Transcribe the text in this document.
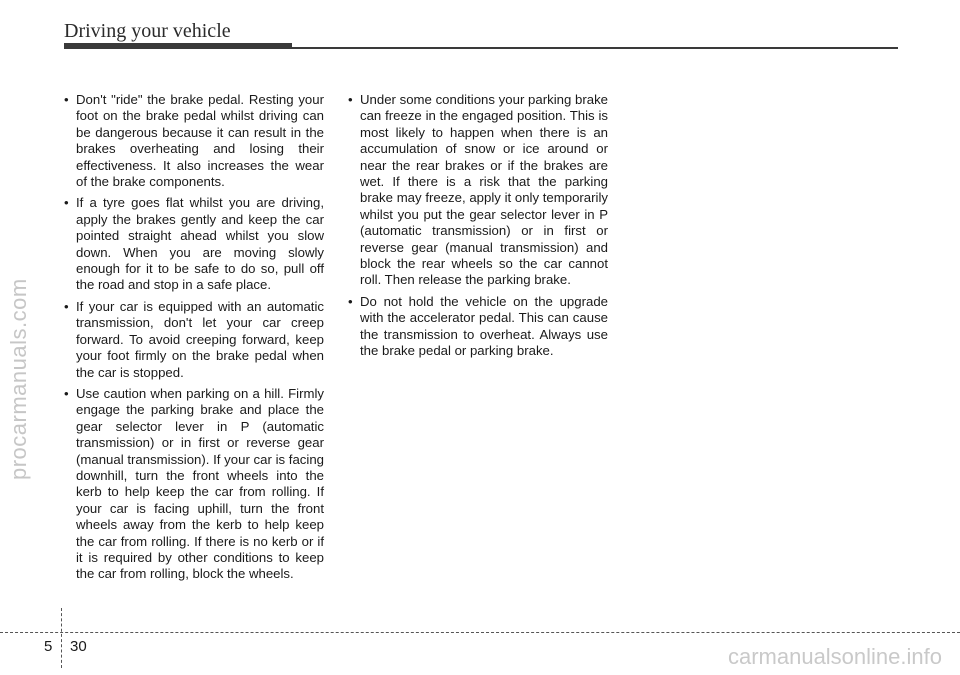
Driving your vehicle
procarmanuals.com
• Don't "ride" the brake pedal. Resting your foot on the brake pedal whilst driving can be dangerous because it can result in the brakes overheating and losing their effectiveness. It also increases the wear of the brake components.
• If a tyre goes flat whilst you are driving, apply the brakes gently and keep the car pointed straight ahead whilst you slow down. When you are moving slowly enough for it to be safe to do so, pull off the road and stop in a safe place.
• If your car is equipped with an automatic transmission, don't let your car creep forward. To avoid creeping forward, keep your foot firmly on the brake pedal when the car is stopped.
• Use caution when parking on a hill. Firmly engage the parking brake and place the gear selector lever in P (automatic transmission) or in first or reverse gear (manual transmission). If your car is facing downhill, turn the front wheels into the kerb to help keep the car from rolling. If your car is facing uphill, turn the front wheels away from the kerb to help keep the car from rolling. If there is no kerb or if it is required by other conditions to keep the car from rolling, block the wheels.
• Under some conditions your parking brake can freeze in the engaged position. This is most likely to happen when there is an accumulation of snow or ice around or near the rear brakes or if the brakes are wet. If there is a risk that the parking brake may freeze, apply it only temporarily whilst you put the gear selector lever in P (automatic transmission) or in first or reverse gear (manual transmission) and block the rear wheels so the car cannot roll. Then release the parking brake.
• Do not hold the vehicle on the upgrade with the accelerator pedal. This can cause the transmission to overheat. Always use the brake pedal or parking brake.
5 30	carmanualsonline.info
